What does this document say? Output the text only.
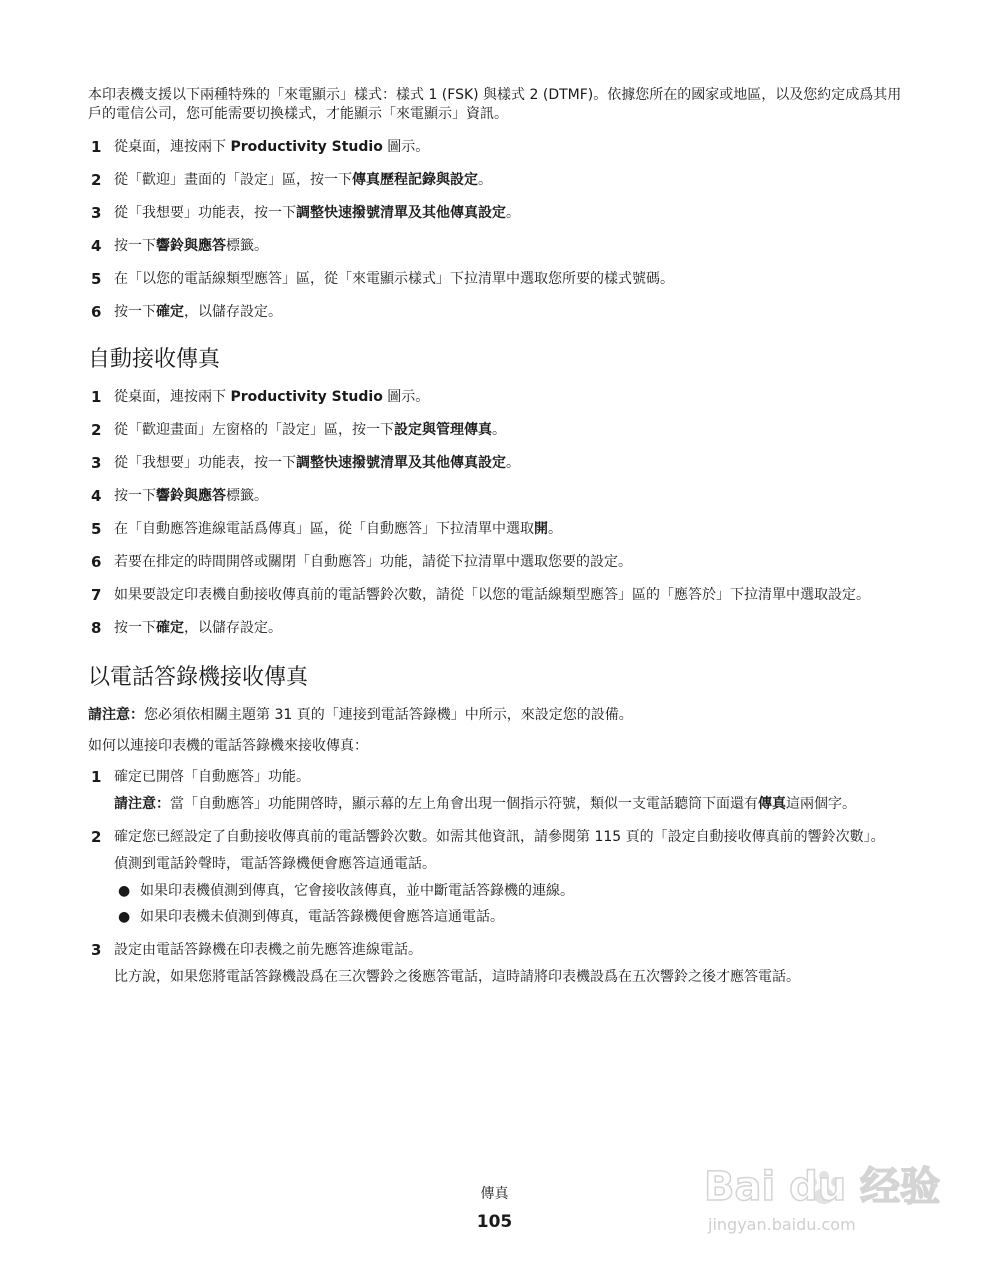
本印表機支援以下兩種特殊的「來電顯示」樣式：樣式 1 (FSK) 與樣式 2 (DTMF)。依據您所在的國家或地區，以及您約定成爲其用戶的電信公司，您可能需要切換樣式，才能顯示「來電顯示」資訊。

1 從桌面，連按兩下 Productivity Studio 圖示。
2 從「歡迎」畫面的「設定」區，按一下傳真歷程記錄與設定。
3 從「我想要」功能表，按一下調整快速撥號清單及其他傳真設定。
4 按一下響鈴與應答標籤。
5 在「以您的電話線類型應答」區，從「來電顯示樣式」下拉清單中選取您所要的樣式號碼。
6 按一下確定，以儲存設定。
自動接收傳真
1 從桌面，連按兩下 Productivity Studio 圖示。
2 從「歡迎畫面」左窗格的「設定」區，按一下設定與管理傳真。
3 從「我想要」功能表，按一下調整快速撥號清單及其他傳真設定。
4 按一下響鈴與應答標籤。
5 在「自動應答進線電話爲傳真」區，從「自動應答」下拉清單中選取開。
6 若要在排定的時間開啓或關閉「自動應答」功能，請從下拉清單中選取您要的設定。
7 如果要設定印表機自動接收傳真前的電話響鈴次數，請從「以您的電話線類型應答」區的「應答於」下拉清單中選取設定。
8 按一下確定，以儲存設定。
以電話答錄機接收傳真

請注意：您必須依相關主題第 31 頁的「連接到電話答錄機」中所示，來設定您的設備。

如何以連接印表機的電話答錄機來接收傳真：

1 確定已開啓「自動應答」功能。
請注意：當「自動應答」功能開啓時，顯示幕的左上角會出現一個指示符號，類似一支電話聽筒下面還有傳真這兩個字。
2 確定您已經設定了自動接收傳真前的電話響鈴次數。如需其他資訊，請參閱第 115 頁的「設定自動接收傳真前的響鈴次數」。
偵測到電話鈴聲時，電話答錄機便會應答這通電話。
● 如果印表機偵測到傳真，它會接收該傳真，並中斷電話答錄機的連線。
● 如果印表機未偵測到傳真，電話答錄機便會應答這通電話。
3 設定由電話答錄機在印表機之前先應答進線電話。
比方說，如果您將電話答錄機設爲在三次響鈴之後應答電話，這時請將印表機設爲在五次響鈴之後才應答電話。
傳真
105
Bai du 经验
jingyan.baidu.com
